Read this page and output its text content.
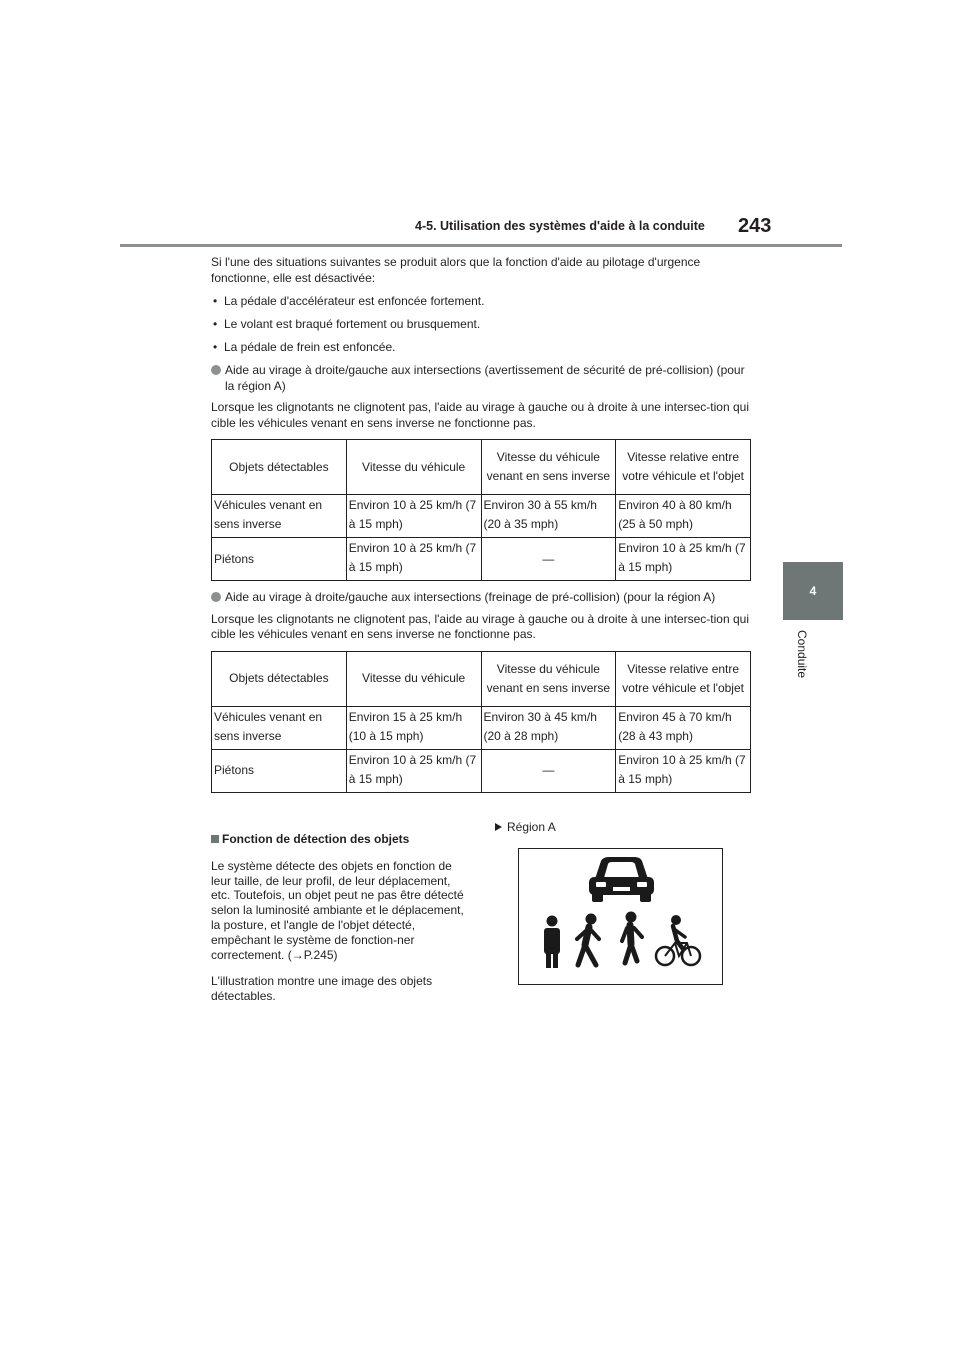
4-5. Utilisation des systèmes d'aide à la conduite 243
4
Conduite

Si l'une des situations suivantes se produit alors que la fonction d'aide au pilotage d'urgence fonctionne, elle est désactivée:

• La pédale d'accélérateur est enfoncée fortement.
• Le volant est braqué fortement ou brusquement.
• La pédale de frein est enfoncée.

Aide au virage à droite/gauche aux intersections (avertissement de sécurité de pré-collision) (pour la région A)

Lorsque les clignotants ne clignotent pas, l'aide au virage à gauche ou à droite à une intersec-tion qui cible les véhicules venant en sens inverse ne fonctionne pas.

Objets détectables	Vitesse du véhicule	Vitesse du véhicule venant en sens inverse	Vitesse relative entre votre véhicule et l'objet
Véhicules venant en sens inverse	Environ 10 à 25 km/h (7 à 15 mph)	Environ 30 à 55 km/h (20 à 35 mph)	Environ 40 à 80 km/h (25 à 50 mph)
Piétons	Environ 10 à 25 km/h (7 à 15 mph)	—	Environ 10 à 25 km/h (7 à 15 mph)

Aide au virage à droite/gauche aux intersections (freinage de pré-collision) (pour la région A)

Lorsque les clignotants ne clignotent pas, l'aide au virage à gauche ou à droite à une intersec-tion qui cible les véhicules venant en sens inverse ne fonctionne pas.

Objets détectables	Vitesse du véhicule	Vitesse du véhicule venant en sens inverse	Vitesse relative entre votre véhicule et l'objet
Véhicules venant en sens inverse	Environ 15 à 25 km/h (10 à 15 mph)	Environ 30 à 45 km/h (20 à 28 mph)	Environ 45 à 70 km/h (28 à 43 mph)
Piétons	Environ 10 à 25 km/h (7 à 15 mph)	—	Environ 10 à 25 km/h (7 à 15 mph)

Fonction de détection des objets

Le système détecte des objets en fonction de leur taille, de leur profil, de leur déplacement, etc. Toutefois, un objet peut ne pas être détecté selon la luminosité ambiante et le déplacement, la posture, et l'angle de l'objet détecté, empêchant le système de fonction-ner correctement. (→P.245)

L'illustration montre une image des objets détectables.

Région A
